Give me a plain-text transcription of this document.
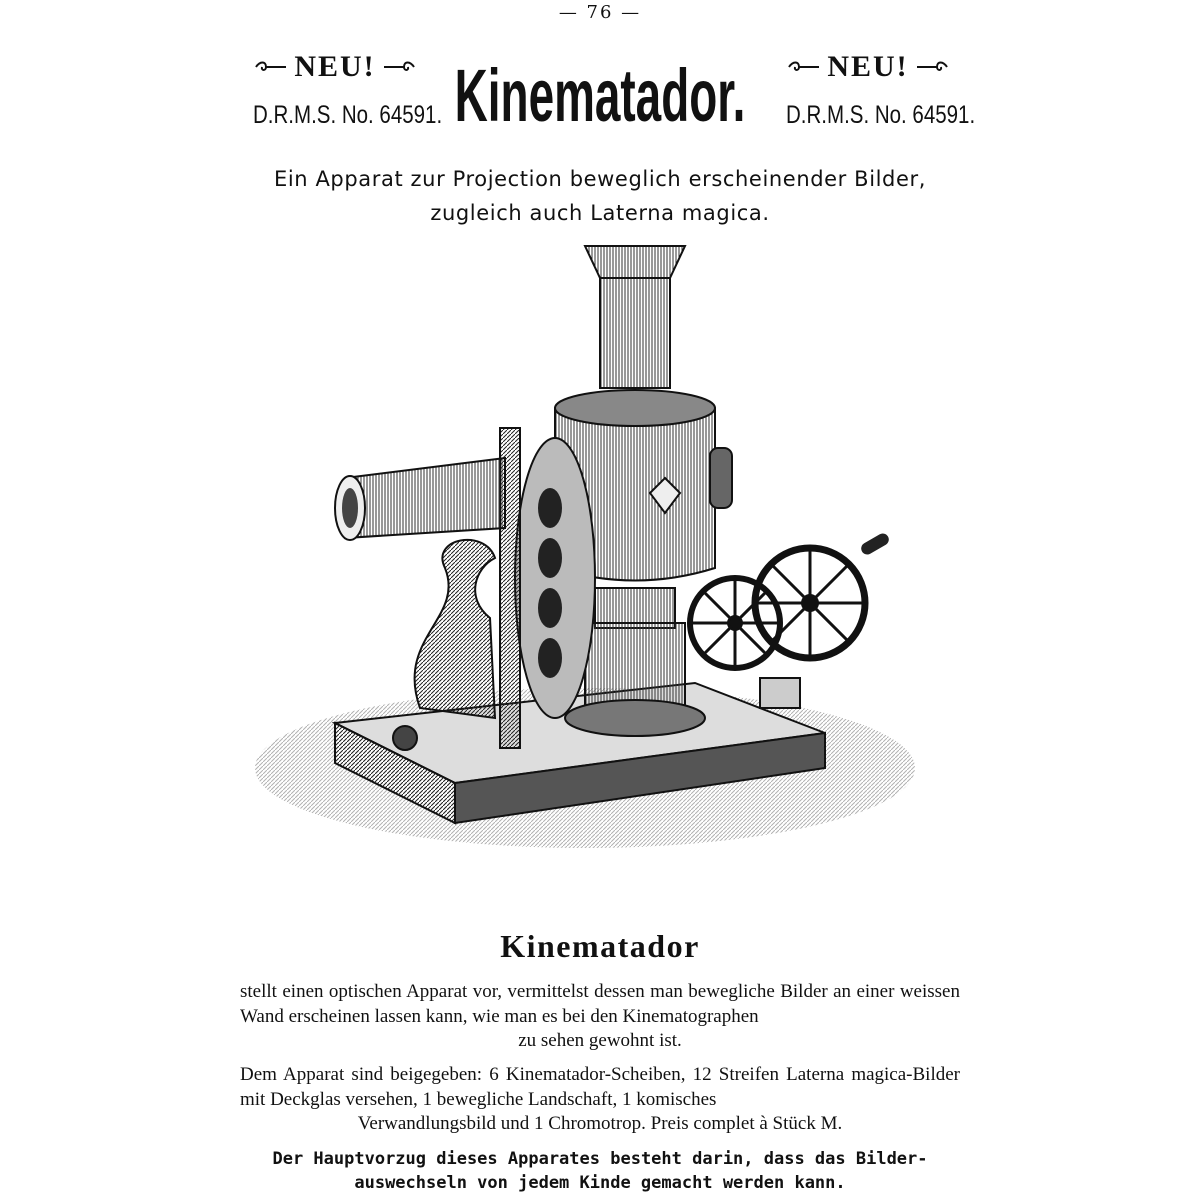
— 76 —
NEU!
D.R.M.S. No. 64591. Kinematador.	NEU!
D.R.M.S. No. 64591.
Ein Apparat zur Projection beweglich erscheinender Bilder,
zugleich auch Laterna magica.
Kinematador
stellt einen optischen Apparat vor, vermittelst dessen man bewegliche Bilder an einer weissen Wand erscheinen lassen kann, wie man es bei den Kinematographen
zu sehen gewohnt ist.
Dem Apparat sind beigegeben: 6 Kinematador-Scheiben, 12 Streifen Laterna magica-Bilder mit Deckglas versehen, 1 bewegliche Landschaft, 1 komisches
Verwandlungsbild und 1 Chromotrop. Preis complet à Stück M.
Der Hauptvorzug dieses Apparates besteht darin, dass das Bilder-
auswechseln von jedem Kinde gemacht werden kann.
